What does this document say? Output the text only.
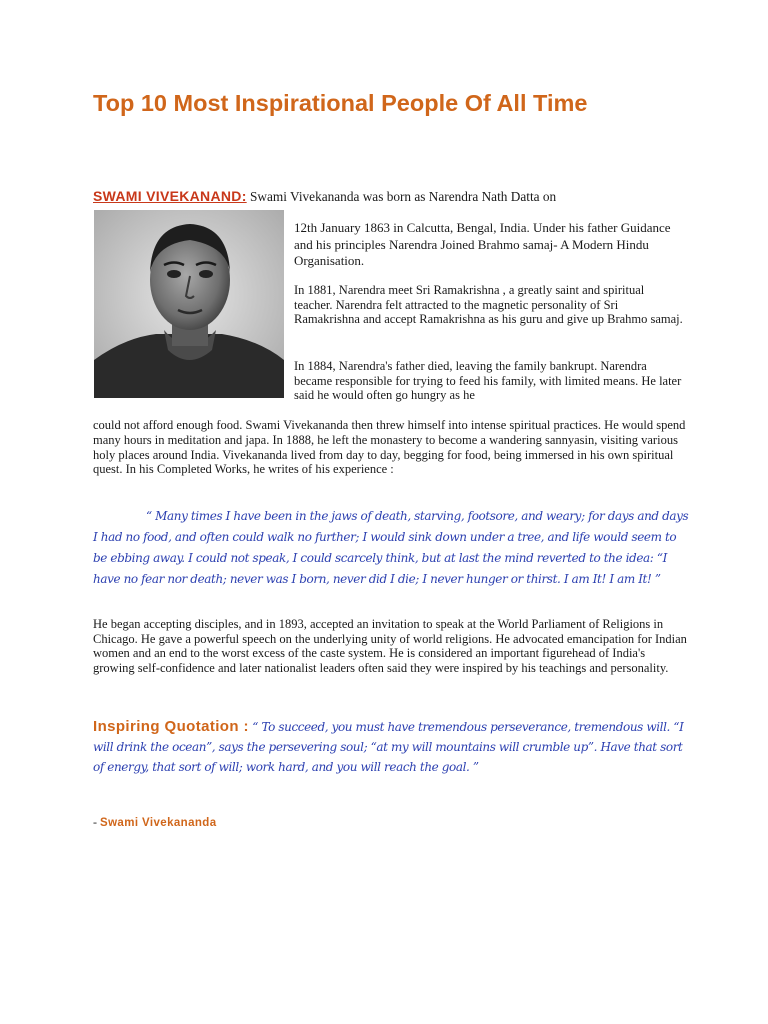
Top 10 Most Inspirational People Of All Time

SWAMI VIVEKANAND: Swami Vivekananda was born as Narendra Nath Datta on

12th January 1863 in Calcutta, Bengal, India. Under his father Guidance and his principles Narendra Joined Brahmo samaj- A Modern Hindu Organisation.

In 1881, Narendra meet Sri Ramakrishna , a greatly saint and spiritual teacher. Narendra felt attracted to the magnetic personality of Sri Ramakrishna and accept Ramakrishna as his guru and give up Brahmo samaj.

In 1884, Narendra's father died, leaving the family bankrupt. Narendra became responsible for trying to feed his family, with limited means. He later said he would often go hungry as he

could not afford enough food. Swami Vivekananda then threw himself into intense spiritual practices. He would spend many hours in meditation and japa. In 1888, he left the monastery to become a wandering sannyasin, visiting various holy places around India. Vivekananda lived from day to day, begging for food, being immersed in his own spiritual quest. In his Completed Works, he writes of his experience :

“ Many times I have been in the jaws of death, starving, footsore, and weary; for days and days I had no food, and often could walk no further; I would sink down under a tree, and life would seem to be ebbing away. I could not speak, I could scarcely think, but at last the mind reverted to the idea: “I have no fear nor death; never was I born, never did I die; I never hunger or thirst. I am It! I am It! ”

He began accepting disciples, and in 1893, accepted an invitation to speak at the World Parliament of Religions in Chicago. He gave a powerful speech on the underlying unity of world religions. He advocated emancipation for Indian women and an end to the worst excess of the caste system. He is considered an important figurehead of India's growing self-confidence and later nationalist leaders often said they were inspired by his teachings and personality.

Inspiring Quotation : “ To succeed, you must have tremendous perseverance, tremendous will. “I will drink the ocean”, says the persevering soul; “at my will mountains will crumble up”. Have that sort of energy, that sort of will; work hard, and you will reach the goal. ”

- Swami Vivekananda
